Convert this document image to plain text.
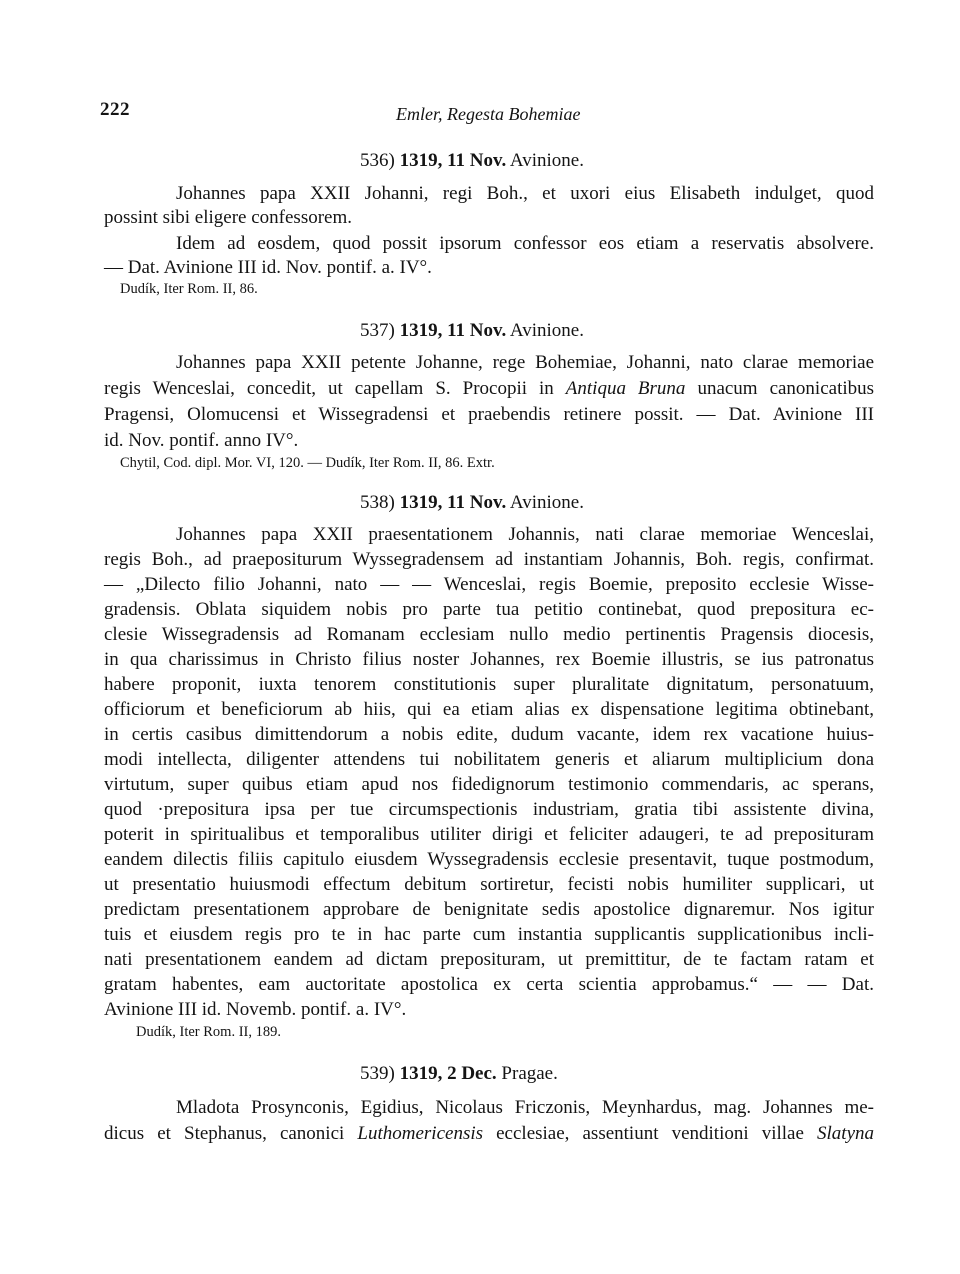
222	Emler, Regesta Bohemiae
536) 1319, 11 Nov. Avinione.
Johannes papa XXII Johanni, regi Boh., et uxori eius Elisabeth indulget, quod
possint sibi eligere confessorem.
Idem ad eosdem, quod possit ipsorum confessor eos etiam a reservatis absolvere.
— Dat. Avinione III id. Nov. pontif. a. IV°.
Dudík, Iter Rom. II, 86.
537) 1319, 11 Nov. Avinione.
Johannes papa XXII petente Johanne, rege Bohemiae, Johanni, nato clarae memoriae
regis Wenceslai, concedit, ut capellam S. Procopii in Antiqua Bruna unacum canonicatibus
Pragensi, Olomucensi et Wissegradensi et praebendis retinere possit. — Dat. Avinione III
id. Nov. pontif. anno IV°.
Chytil, Cod. dipl. Mor. VI, 120. — Dudík, Iter Rom. II, 86. Extr.
538) 1319, 11 Nov. Avinione.
Johannes papa XXII praesentationem Johannis, nati clarae memoriae Wenceslai,
regis Boh., ad praepositurum Wyssegradensem ad instantiam Johannis, Boh. regis, confirmat.
— „Dilecto filio Johanni, nato — — Wenceslai, regis Boemie, preposito ecclesie Wisse-
gradensis. Oblata siquidem nobis pro parte tua petitio continebat, quod prepositura ec-
clesie Wissegradensis ad Romanam ecclesiam nullo medio pertinentis Pragensis diocesis,
in qua charissimus in Christo filius noster Johannes, rex Boemie illustris, se ius patronatus
habere proponit, iuxta tenorem constitutionis super pluralitate dignitatum, personatuum,
officiorum et beneficiorum ab hiis, qui ea etiam alias ex dispensatione legitima obtinebant,
in certis casibus dimittendorum a nobis edite, dudum vacante, idem rex vacatione huius-
modi intellecta, diligenter attendens tui nobilitatem generis et aliarum multiplicium dona
virtutum, super quibus etiam apud nos fidedignorum testimonio commendaris, ac sperans,
quod ·prepositura ipsa per tue circumspectionis industriam, gratia tibi assistente divina,
poterit in spiritualibus et temporalibus utiliter dirigi et feliciter adaugeri, te ad preposituram
eandem dilectis filiis capitulo eiusdem Wyssegradensis ecclesie presentavit, tuque postmodum,
ut presentatio huiusmodi effectum debitum sortiretur, fecisti nobis humiliter supplicari, ut
predictam presentationem approbare de benignitate sedis apostolice dignaremur. Nos igitur
tuis et eiusdem regis pro te in hac parte cum instantia supplicantis supplicationibus incli-
nati presentationem eandem ad dictam preposituram, ut premittitur, de te factam ratam et
gratam habentes, eam auctoritate apostolica ex certa scientia approbamus.“ — — Dat.
Avinione III id. Novemb. pontif. a. IV°.
Dudík, Iter Rom. II, 189.
539) 1319, 2 Dec. Pragae.
Mladota Prosynconis, Egidius, Nicolaus Friczonis, Meynhardus, mag. Johannes me-
dicus et Stephanus, canonici Luthomericensis ecclesiae, assentiunt venditioni villae Slatyna
